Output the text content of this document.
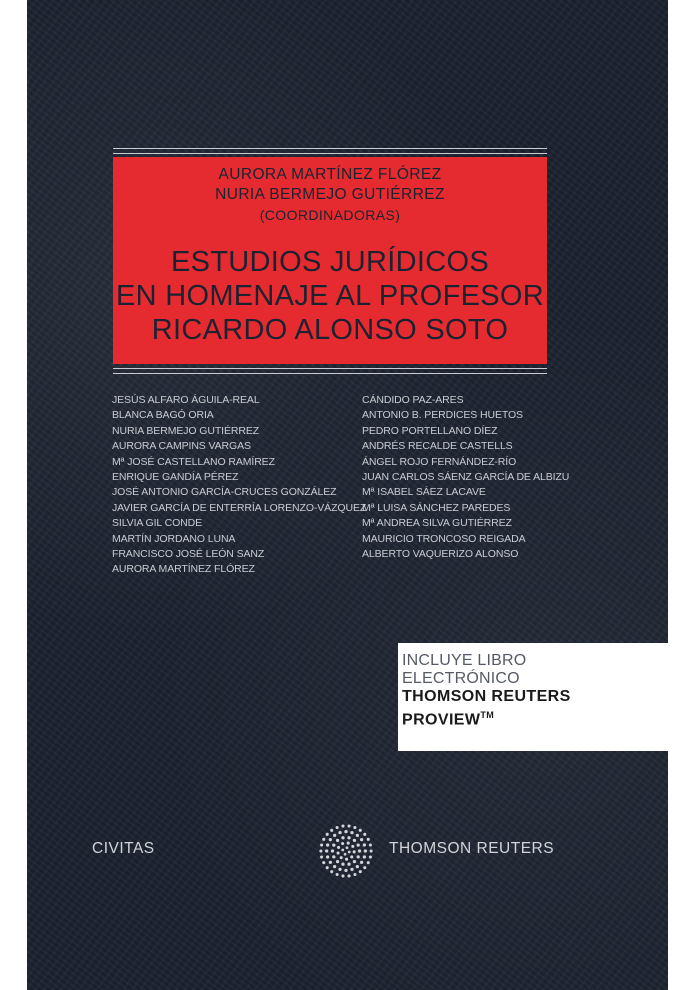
AURORA MARTÍNEZ FLÓREZ
NURIA BERMEJO GUTIÉRREZ
(COORDINADORAS)
ESTUDIOS JURÍDICOS
EN HOMENAJE AL PROFESOR
RICARDO ALONSO SOTO
JESÚS ALFARO ÁGUILA-REAL
BLANCA BAGÓ ORIA
NURIA BERMEJO GUTIÉRREZ
AURORA CAMPINS VARGAS
Mª JOSÉ CASTELLANO RAMÍREZ
ENRIQUE GANDÍA PÉREZ
JOSÉ ANTONIO GARCÍA-CRUCES GONZÁLEZ
JAVIER GARCÍA DE ENTERRÍA LORENZO-VÁZQUEZ
SILVIA GIL CONDE
MARTÍN JORDANO LUNA
FRANCISCO JOSÉ LEÓN SANZ
AURORA MARTÍNEZ FLÓREZ
CÁNDIDO PAZ-ARES
ANTONIO B. PERDICES HUETOS
PEDRO PORTELLANO DÍEZ
ANDRÉS RECALDE CASTELLS
ÁNGEL ROJO FERNÁNDEZ-RÍO
JUAN CARLOS SÁENZ GARCÍA DE ALBIZU
Mª ISABEL SÁEZ LACAVE
Mª LUISA SÁNCHEZ PAREDES
Mª ANDREA SILVA GUTIÉRREZ
MAURICIO TRONCOSO REIGADA
ALBERTO VAQUERIZO ALONSO
INCLUYE LIBRO
ELECTRÓNICO
THOMSON REUTERS
PROVIEW™
CIVITAS	THOMSON REUTERS
